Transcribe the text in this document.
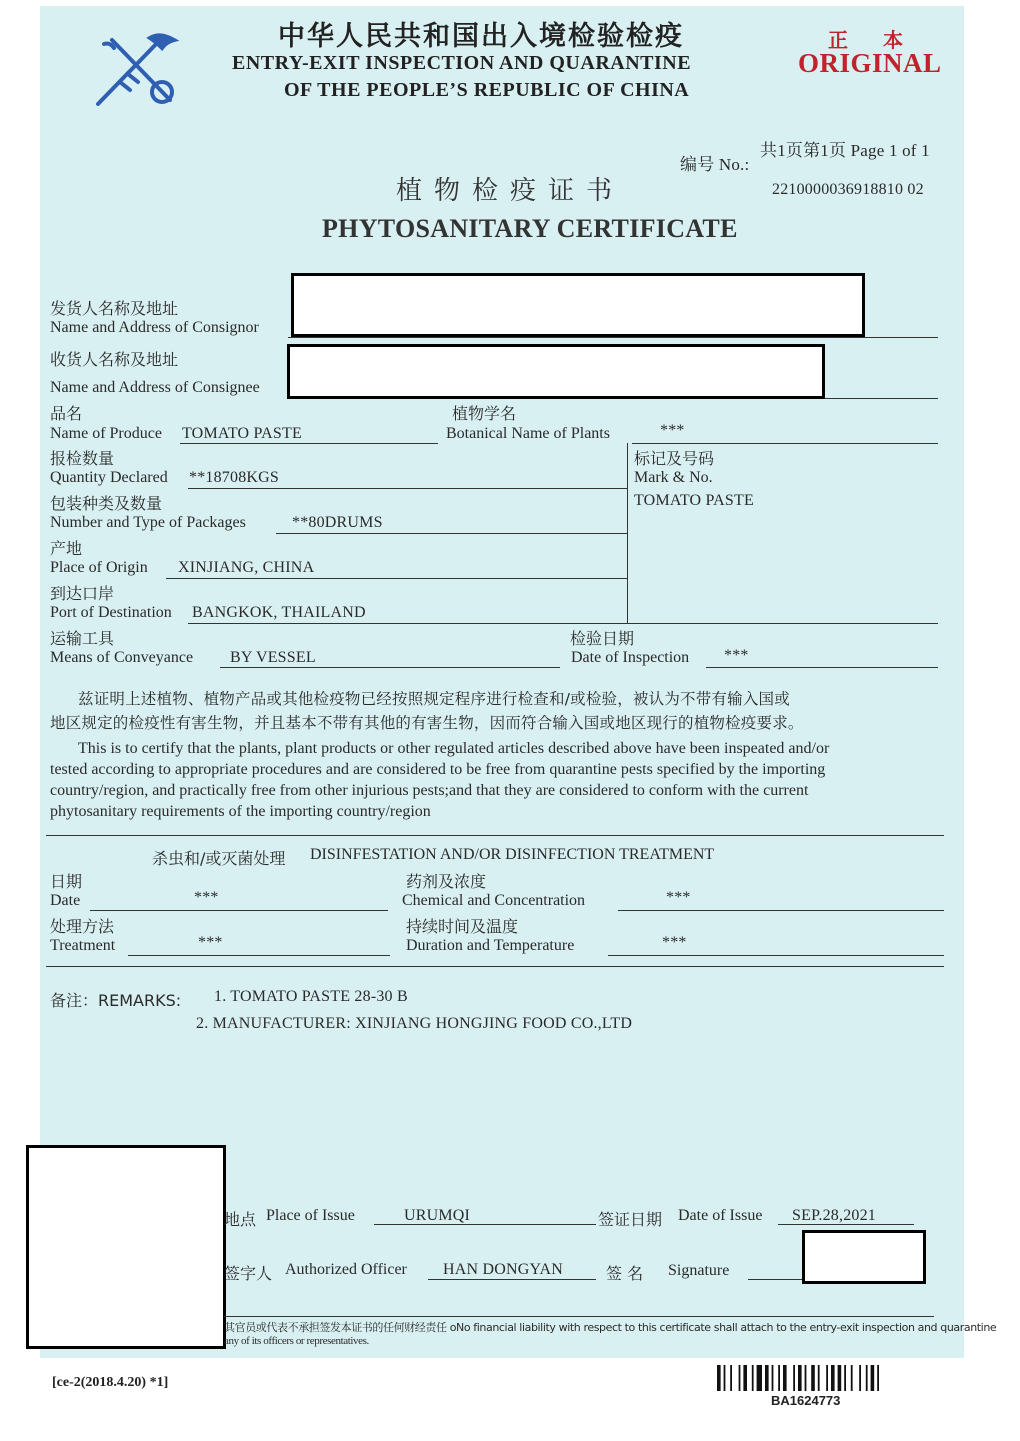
中华人民共和国出入境检验检疫
ENTRY-EXIT INSPECTION AND QUARANTINE
OF THE PEOPLE’S REPUBLIC OF CHINA
正 本
ORIGINAL
共1页第1页 Page 1 of 1
编号 No.:
2210000036918810 02
植物检疫证书
PHYTOSANITARY CERTIFICATE
发货人名称及地址
Name and Address of Consignor
收货人名称及地址
Name and Address of Consignee
品名
Name of Produce TOMATO PASTE
植物学名
Botanical Name of Plants	***
报检数量
Quantity Declared **18708KGS
标记及号码
Mark & No.
TOMATO PASTE
包装种类及数量
Number and Type of Packages	**80DRUMS
产地
Place of Origin XINJIANG, CHINA
到达口岸
Port of Destination BANGKOK, THAILAND
运输工具
Means of Conveyance BY VESSEL
检验日期
Date of Inspection ***
兹证明上述植物、植物产品或其他检疫物已经按照规定程序进行检查和/或检验，被认为不带有输入国或
地区规定的检疫性有害生物，并且基本不带有其他的有害生物，因而符合输入国或地区现行的植物检疫要求。
This is to certify that the plants, plant products or other regulated articles described above have been inspeated and/or
tested according to appropriate procedures and are considered to be free from quarantine pests specified by the importing
country/region, and practically free from other injurious pests;and that they are considered to conform with the current
phytosanitary requirements of the importing country/region
杀虫和/或灭菌处理 DISINFESTATION AND/OR DISINFECTION TREATMENT
日期
Date	***
药剂及浓度
Chemical and Concentration	***
处理方法
Treatment	***
持续时间及温度
Duration and Temperature	***
备注：REMARKS: 1. TOMATO PASTE 28-30 B
2. MANUFACTURER: XINJIANG HONGJING FOOD CO.,LTD
地点 Place of Issue	URUMQI	签证日期 Date of Issue SEP.28,2021
签字人 Authorized Officer HAN DONGYAN	签 名 Signature
其官员或代表不承担签发本证书的任何财经责任 oNo financial liability with respect to this certificate shall attach to the entry-exit inspection and quarantine
any of its officers or representatives.
[ce-2(2018.4.20) *1]
BA1624773
